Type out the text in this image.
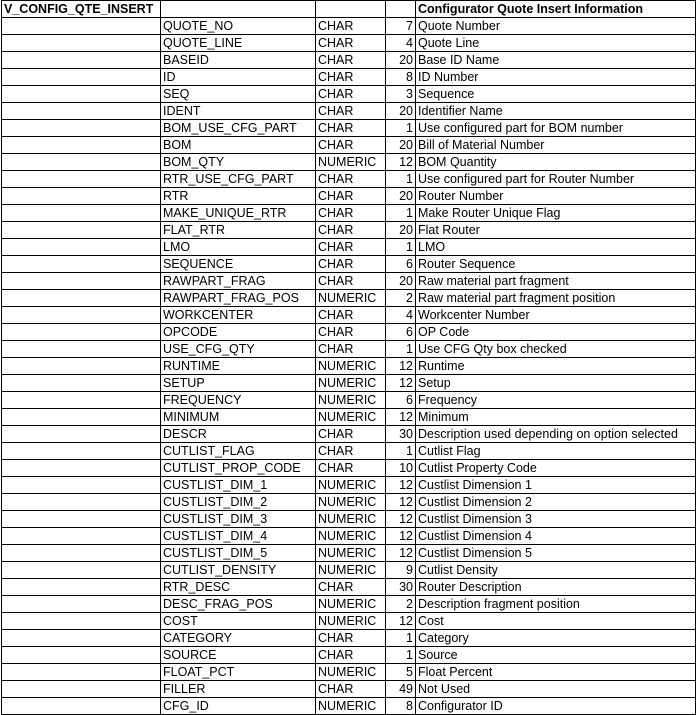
V_CONFIG_QTE_INSERT				Configurator Quote Insert Information
	QUOTE_NO	CHAR	7	Quote Number
	QUOTE_LINE	CHAR	4	Quote Line
	BASEID	CHAR	20	Base ID Name
	ID	CHAR	8	ID Number
	SEQ	CHAR	3	Sequence
	IDENT	CHAR	20	Identifier Name
	BOM_USE_CFG_PART	CHAR	1	Use configured part for BOM number
	BOM	CHAR	20	Bill of Material Number
	BOM_QTY	NUMERIC	12	BOM Quantity
	RTR_USE_CFG_PART	CHAR	1	Use configured part for Router Number
	RTR	CHAR	20	Router Number
	MAKE_UNIQUE_RTR	CHAR	1	Make Router Unique Flag
	FLAT_RTR	CHAR	20	Flat Router
	LMO	CHAR	1	LMO
	SEQUENCE	CHAR	6	Router Sequence
	RAWPART_FRAG	CHAR	20	Raw material part fragment
	RAWPART_FRAG_POS	NUMERIC	2	Raw material part fragment position
	WORKCENTER	CHAR	4	Workcenter Number
	OPCODE	CHAR	6	OP Code
	USE_CFG_QTY	CHAR	1	Use CFG Qty box checked
	RUNTIME	NUMERIC	12	Runtime
	SETUP	NUMERIC	12	Setup
	FREQUENCY	NUMERIC	6	Frequency
	MINIMUM	NUMERIC	12	Minimum
	DESCR	CHAR	30	Description used depending on option selected
	CUTLIST_FLAG	CHAR	1	Cutlist Flag
	CUTLIST_PROP_CODE	CHAR	10	Cutlist Property Code
	CUSTLIST_DIM_1	NUMERIC	12	Custlist Dimension 1
	CUSTLIST_DIM_2	NUMERIC	12	Custlist Dimension 2
	CUSTLIST_DIM_3	NUMERIC	12	Custlist Dimension 3
	CUSTLIST_DIM_4	NUMERIC	12	Custlist Dimension 4
	CUSTLIST_DIM_5	NUMERIC	12	Custlist Dimension 5
	CUTLIST_DENSITY	NUMERIC	9	Cutlist Density
	RTR_DESC	CHAR	30	Router Description
	DESC_FRAG_POS	NUMERIC	2	Description fragment position
	COST	NUMERIC	12	Cost
	CATEGORY	CHAR	1	Category
	SOURCE	CHAR	1	Source
	FLOAT_PCT	NUMERIC	5	Float Percent
	FILLER	CHAR	49	Not Used
	CFG_ID	NUMERIC	8	Configurator ID
